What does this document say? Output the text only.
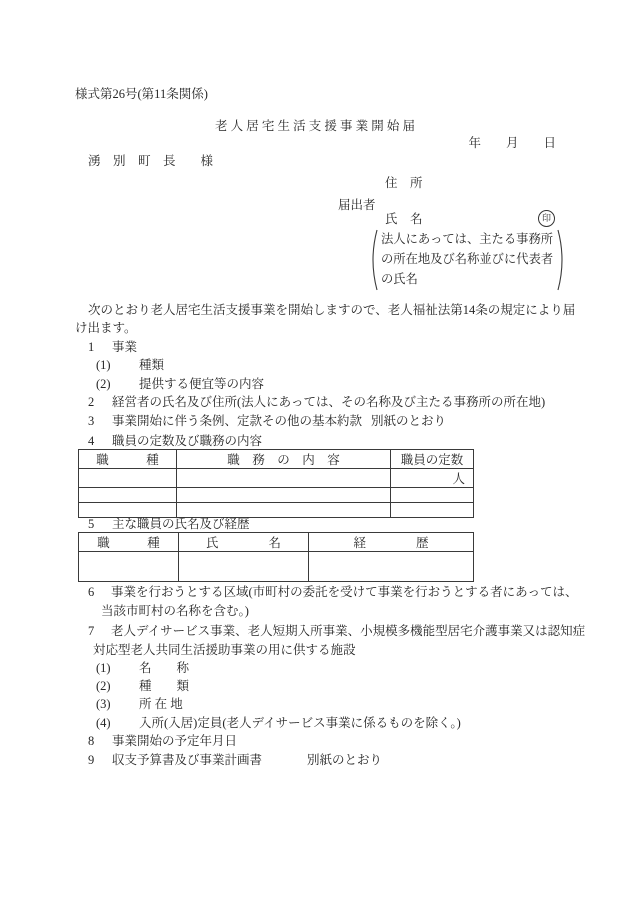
様式第26号(第11条関係)
老 人 居 宅 生 活 支 援 事 業 開 始 届
年　　月　　日
湧　別　町　長　　様
住　所
届出者
氏　名	印
法人にあっては、主たる事務所
の所在地及び名称並びに代表者
の氏名
次のとおり老人居宅生活支援事業を開始しますので、老人福祉法第14条の規定により届
け出ます。
1 事業
(1) 種類
(2) 提供する便宜等の内容
2 経営者の氏名及び住所(法人にあっては、その名称及び主たる事務所の所在地)
3 事業開始に伴う条例、定款その他の基本約款 別紙のとおり
4 職員の定数及び職務の内容
職　　　種	職　務　の　内　容	職員の定数
		人

5 主な職員の氏名及び経歴
職　　　種	氏　　　　名	経　　　　歴

6 事業を行おうとする区域(市町村の委託を受けて事業を行おうとする者にあっては、
当該市町村の名称を含む。)
7 老人デイサービス事業、老人短期入所事業、小規模多機能型居宅介護事業又は認知症
対応型老人共同生活援助事業の用に供する施設
(1) 名　　称
(2) 種　　類
(3) 所 在 地
(4) 入所(入居)定員(老人デイサービス事業に係るものを除く。)
8 事業開始の予定年月日
9 収支予算書及び事業計画書	別紙のとおり
